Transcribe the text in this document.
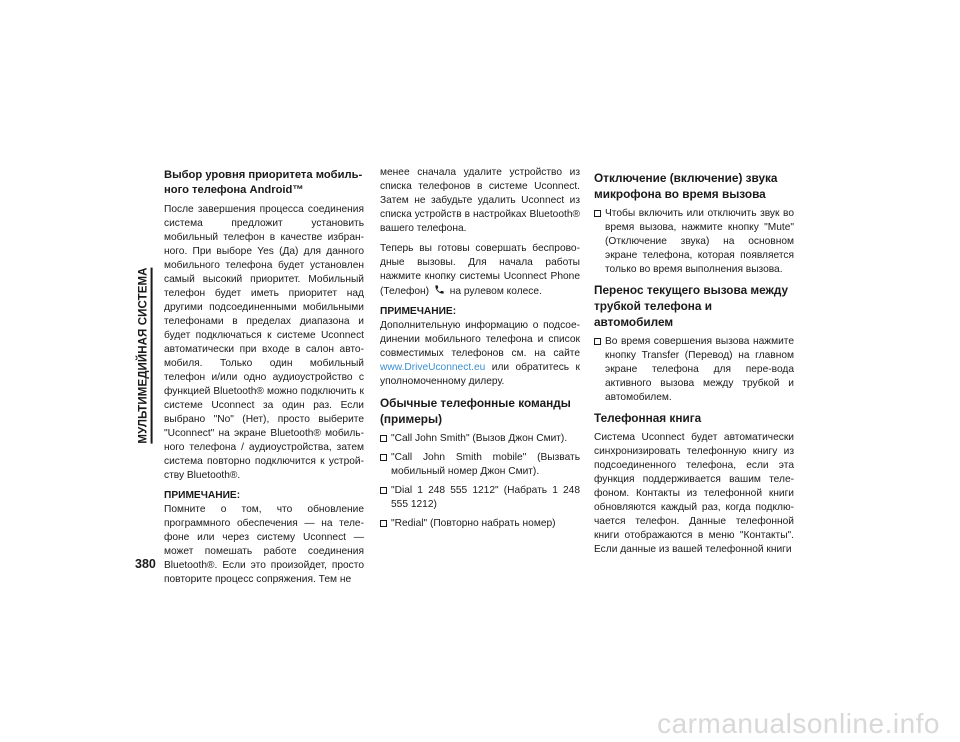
МУЛЬТИМЕДИЙНАЯ СИСТЕМА
380
Выбор уровня приоритета мобиль-ного телефона Android™

После завершения процесса соединения система предложит установить мобильный телефон в качестве избран-ного. При выборе Yes (Да) для данного мобильного телефона будет установлен самый высокий приоритет. Мобильный телефон будет иметь приоритет над другими подсоединенными мобильными телефонами в пределах диапазона и будет подключаться к системе Uconnect автоматически при входе в салон авто-мобиля. Только один мобильный телефон и/или одно аудиоустройство с функцией Bluetooth® можно подключить к системе Uconnect за один раз. Если выбрано "No" (Нет), просто выберите "Uconnect" на экране Bluetooth® мобиль-ного телефона / аудиоустройства, затем система повторно подключится к устрой-ству Bluetooth®.

ПРИМЕЧАНИЕ:

Помните о том, что обновление программного обеспечения — на теле-фоне или через систему Uconnect — может помешать работе соединения Bluetooth®. Если это произойдет, просто повторите процесс сопряжения. Тем не

менее сначала удалите устройство из списка телефонов в системе Uconnect. Затем не забудьте удалить Uconnect из списка устройств в настройках Bluetooth® вашего телефона.

Теперь вы готовы совершать беспрово-дные вызовы. Для начала работы нажмите кнопку системы Uconnect Phone (Телефон) на рулевом колесе.

ПРИМЕЧАНИЕ:

Дополнительную информацию о подсое-динении мобильного телефона и список совместимых телефонов см. на сайте www.DriveUconnect.eu или обратитесь к уполномоченному дилеру.

Обычные телефонные команды (примеры)
"Call John Smith" (Вызов Джон Смит).
"Call John Smith mobile" (Вызвать мобильный номер Джон Смит).
"Dial 1 248 555 1212" (Набрать 1 248 555 1212)
"Redial" (Повторно набрать номер)
Отключение (включение) звука микрофона во время вызова
Чтобы включить или отключить звук во время вызова, нажмите кнопку "Mute" (Отключение звука) на основном экране телефона, которая появляется только во время выполнения вызова.
Перенос текущего вызова между трубкой телефона и автомобилем
Во время совершения вызова нажмите кнопку Transfer (Перевод) на главном экране телефона для пере-вода активного вызова между трубкой и автомобилем.
Телефонная книга

Система Uconnect будет автоматически синхронизировать телефонную книгу из подсоединенного телефона, если эта функция поддерживается вашим теле-фоном. Контакты из телефонной книги обновляются каждый раз, когда подклю-чается телефон. Данные телефонной книги отображаются в меню "Контакты". Если данные из вашей телефонной книги

carmanualsonline.info
